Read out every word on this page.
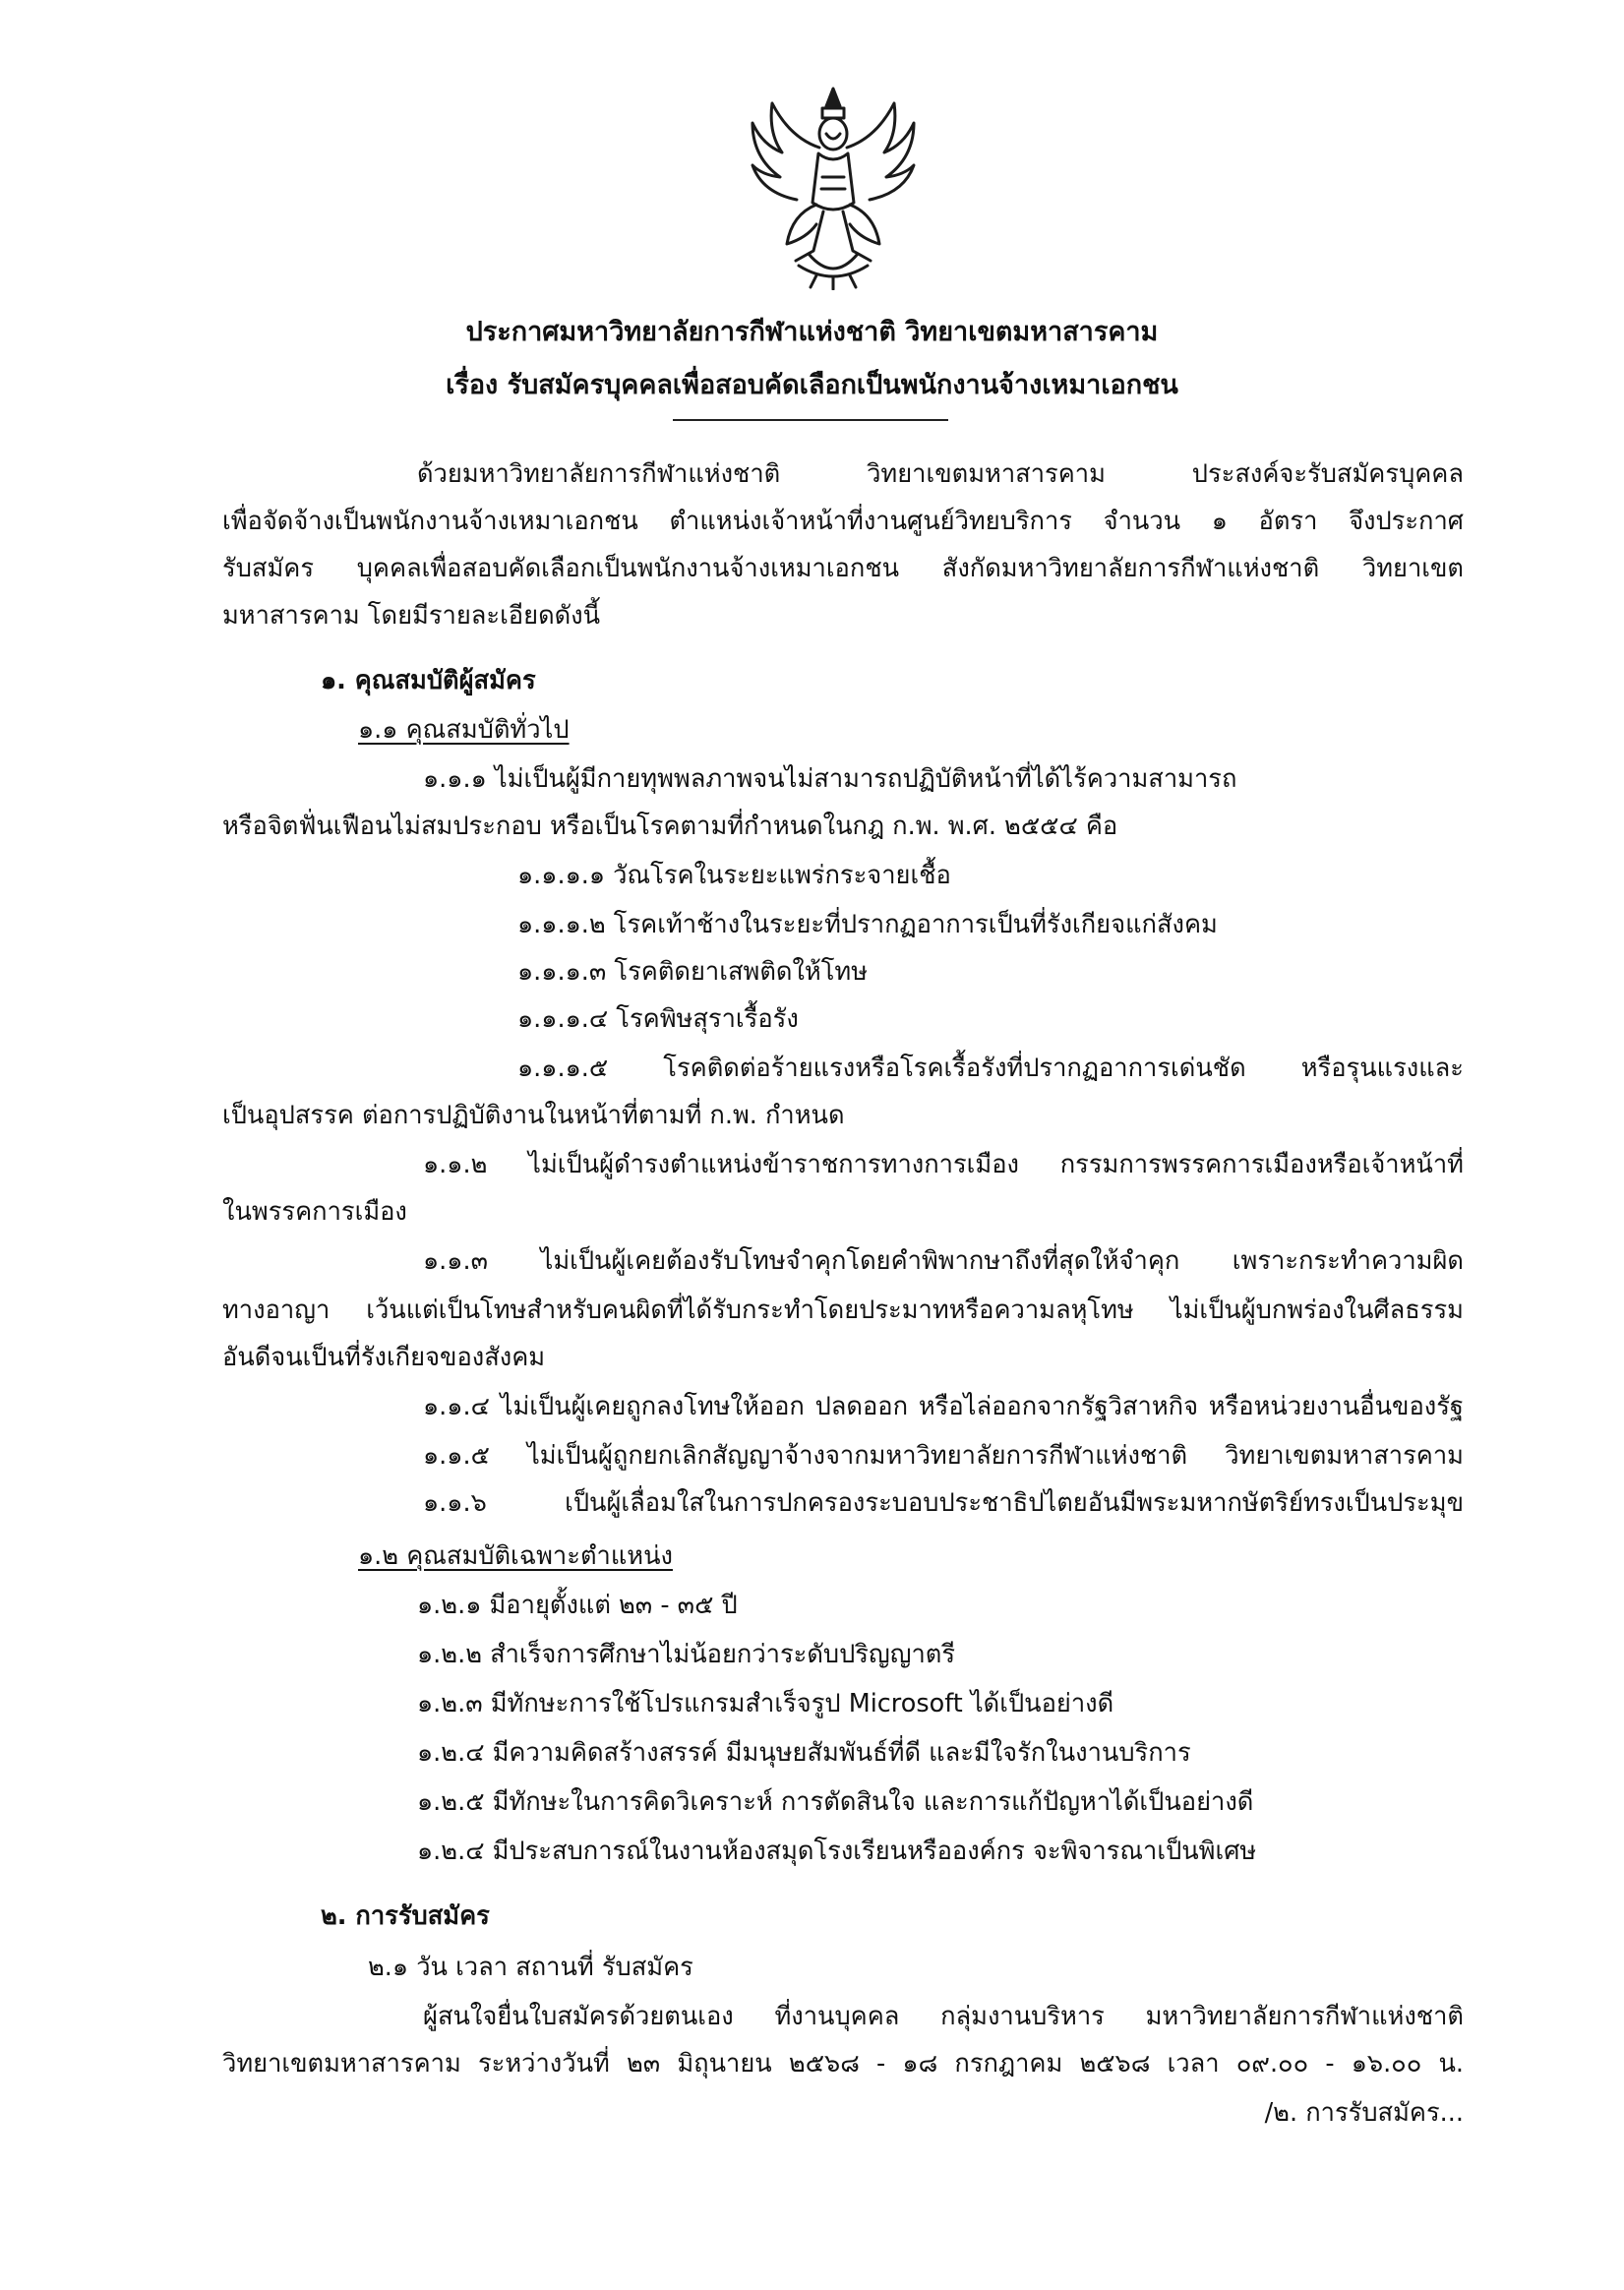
ประกาศมหาวิทยาลัยการกีฬาแห่งชาติ วิทยาเขตมหาสารคาม
เรื่อง รับสมัครบุคคลเพื่อสอบคัดเลือกเป็นพนักงานจ้างเหมาเอกชน
ด้วยมหาวิทยาลัยการกีฬาแห่งชาติ วิทยาเขตมหาสารคาม ประสงค์จะรับสมัครบุคคล
เพื่อจัดจ้างเป็นพนักงานจ้างเหมาเอกชน ตำแหน่งเจ้าหน้าที่งานศูนย์วิทยบริการ จำนวน ๑ อัตรา จึงประกาศ
รับสมัคร บุคคลเพื่อสอบคัดเลือกเป็นพนักงานจ้างเหมาเอกชน สังกัดมหาวิทยาลัยการกีฬาแห่งชาติ วิทยาเขต
มหาสารคาม โดยมีรายละเอียดดังนี้
๑. คุณสมบัติผู้สมัคร
๑.๑ คุณสมบัติทั่วไป
๑.๑.๑ ไม่เป็นผู้มีกายทุพพลภาพจนไม่สามารถปฏิบัติหน้าที่ได้ไร้ความสามารถ
หรือจิตฟั่นเฟือนไม่สมประกอบ หรือเป็นโรคตามที่กำหนดในกฎ ก.พ. พ.ศ. ๒๕๕๔ คือ
๑.๑.๑.๑ วัณโรคในระยะแพร่กระจายเชื้อ
๑.๑.๑.๒ โรคเท้าช้างในระยะที่ปรากฏอาการเป็นที่รังเกียจแก่สังคม
๑.๑.๑.๓ โรคติดยาเสพติดให้โทษ
๑.๑.๑.๔ โรคพิษสุราเรื้อรัง
๑.๑.๑.๕ โรคติดต่อร้ายแรงหรือโรคเรื้อรังที่ปรากฏอาการเด่นชัด หรือรุนแรงและ
เป็นอุปสรรค ต่อการปฏิบัติงานในหน้าที่ตามที่ ก.พ. กำหนด
๑.๑.๒ ไม่เป็นผู้ดำรงตำแหน่งข้าราชการทางการเมือง กรรมการพรรคการเมืองหรือเจ้าหน้าที่
ในพรรคการเมือง
๑.๑.๓ ไม่เป็นผู้เคยต้องรับโทษจำคุกโดยคำพิพากษาถึงที่สุดให้จำคุก เพราะกระทำความผิด
ทางอาญา เว้นแต่เป็นโทษสำหรับคนผิดที่ได้รับกระทำโดยประมาทหรือความลหุโทษ ไม่เป็นผู้บกพร่องในศีลธรรม
อันดีจนเป็นที่รังเกียจของสังคม
๑.๑.๔ ไม่เป็นผู้เคยถูกลงโทษให้ออก ปลดออก หรือไล่ออกจากรัฐวิสาหกิจ หรือหน่วยงานอื่นของรัฐ
๑.๑.๕ ไม่เป็นผู้ถูกยกเลิกสัญญาจ้างจากมหาวิทยาลัยการกีฬาแห่งชาติ วิทยาเขตมหาสารคาม
๑.๑.๖ เป็นผู้เลื่อมใสในการปกครองระบอบประชาธิปไตยอันมีพระมหากษัตริย์ทรงเป็นประมุข
๑.๒ คุณสมบัติเฉพาะตำแหน่ง
๑.๒.๑ มีอายุตั้งแต่ ๒๓ - ๓๕ ปี
๑.๒.๒ สำเร็จการศึกษาไม่น้อยกว่าระดับปริญญาตรี
๑.๒.๓ มีทักษะการใช้โปรแกรมสำเร็จรูป Microsoft ได้เป็นอย่างดี
๑.๒.๔ มีความคิดสร้างสรรค์ มีมนุษยสัมพันธ์ที่ดี และมีใจรักในงานบริการ
๑.๒.๕ มีทักษะในการคิดวิเคราะห์ การตัดสินใจ และการแก้ปัญหาได้เป็นอย่างดี
๑.๒.๔ มีประสบการณ์ในงานห้องสมุดโรงเรียนหรือองค์กร จะพิจารณาเป็นพิเศษ
๒. การรับสมัคร
๒.๑ วัน เวลา สถานที่ รับสมัคร
ผู้สนใจยื่นใบสมัครด้วยตนเอง ที่งานบุคคล กลุ่มงานบริหาร มหาวิทยาลัยการกีฬาแห่งชาติ
วิทยาเขตมหาสารคาม ระหว่างวันที่ ๒๓ มิถุนายน ๒๕๖๘ - ๑๘ กรกฎาคม ๒๕๖๘ เวลา ๐๙.๐๐ - ๑๖.๐๐ น.
/๒. การรับสมัคร...
